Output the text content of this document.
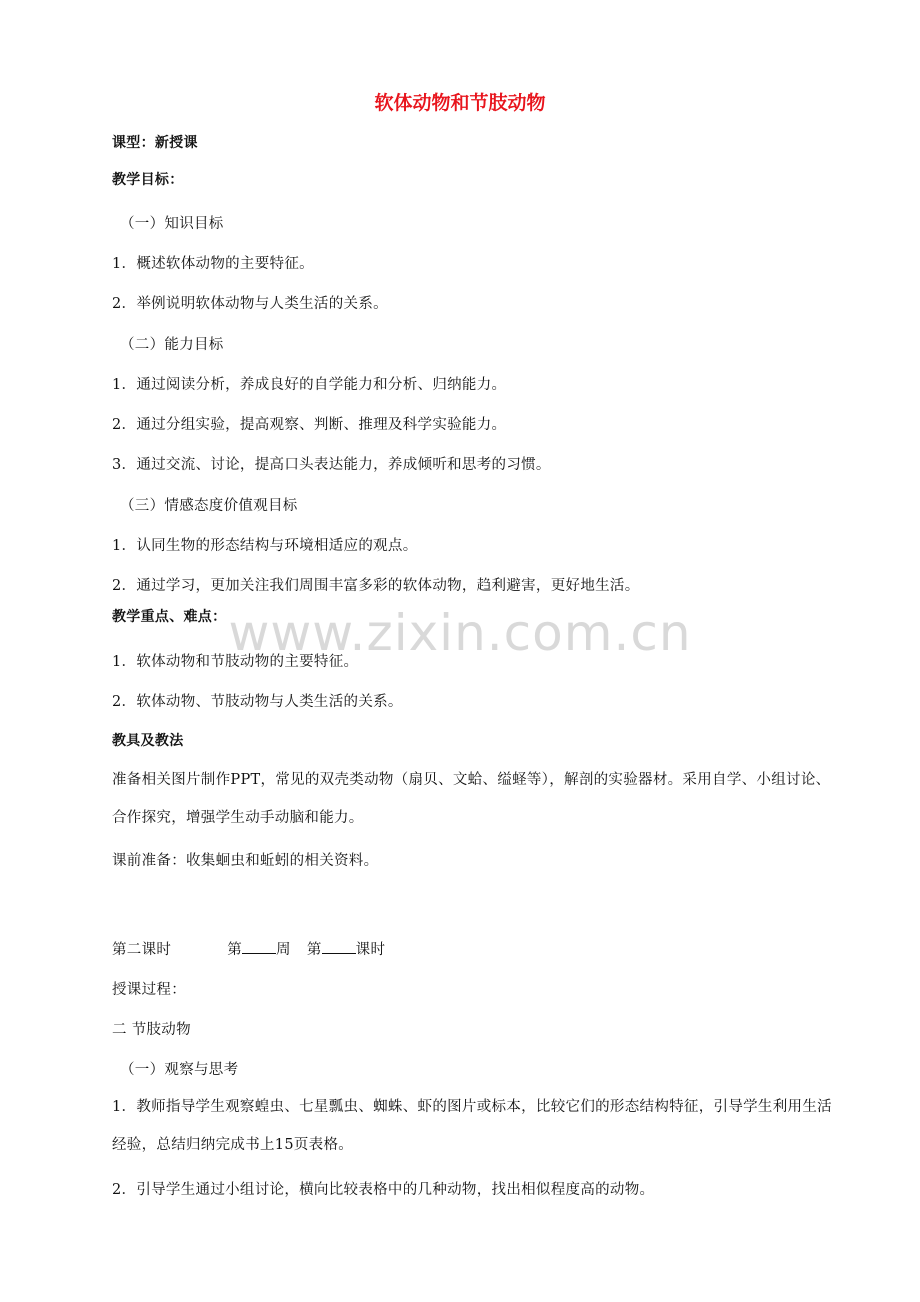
www.zixin.com.cn
软体动物和节肢动物
课型：新授课
教学目标：
（一）知识目标
1．概述软体动物的主要特征。
2．举例说明软体动物与人类生活的关系。
（二）能力目标
1．通过阅读分析，养成良好的自学能力和分析、归纳能力。
2．通过分组实验，提高观察、判断、推理及科学实验能力。
3．通过交流、讨论，提高口头表达能力，养成倾听和思考的习惯。
（三）情感态度价值观目标
1．认同生物的形态结构与环境相适应的观点。
2．通过学习，更加关注我们周围丰富多彩的软体动物，趋利避害，更好地生活。
教学重点、难点：
1．软体动物和节肢动物的主要特征。
2．软体动物、节肢动物与人类生活的关系。
教具及教法
准备相关图片制作PPT，常见的双壳类动物（扇贝、文蛤、缢蛏等），解剖的实验器材。采用自学、小组讨论、合作探究，增强学生动手动脑和能力。
课前准备：收集蛔虫和蚯蚓的相关资料。
第二课时	第 周 第 课时
授课过程：
二 节肢动物
（一）观察与思考
1．教师指导学生观察蝗虫、七星瓢虫、蜘蛛、虾的图片或标本，比较它们的形态结构特征，引导学生利用生活经验，总结归纳完成书上15页表格。
2．引导学生通过小组讨论，横向比较表格中的几种动物，找出相似程度高的动物。
